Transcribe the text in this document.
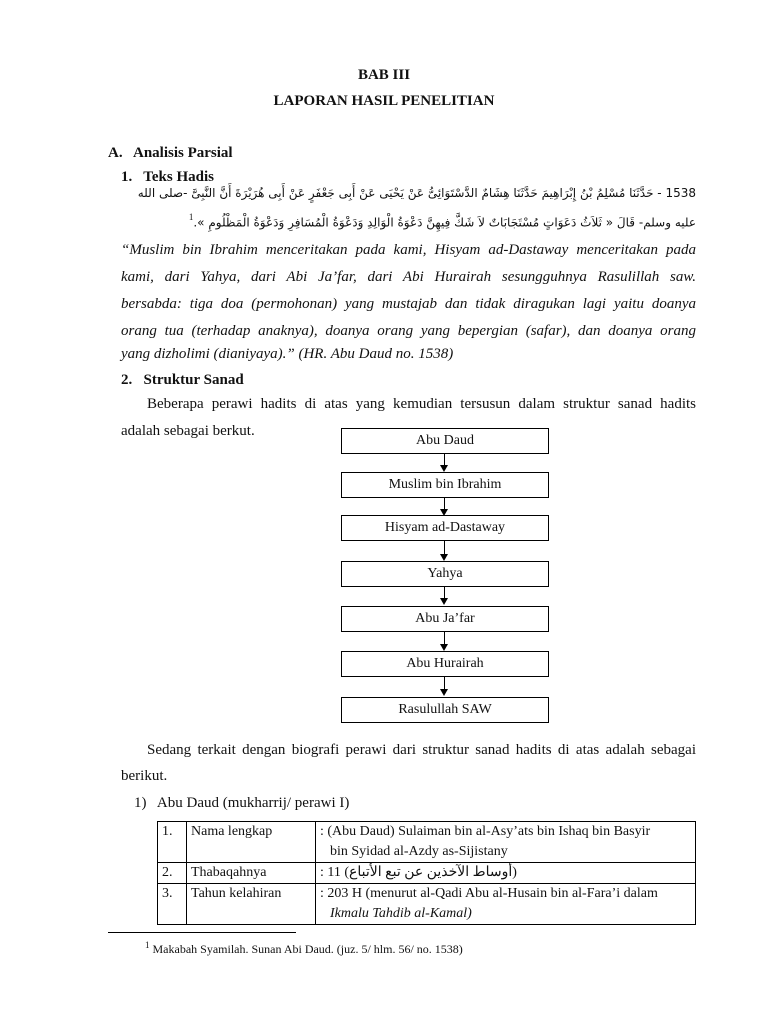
BAB III
LAPORAN HASIL PENELITIAN
A.   Analisis Parsial
1.   Teks Hadis
1538 - حَدَّثَنَا مُسْلِمُ بْنُ إِبْرَاهِيمَ حَدَّثَنَا هِشَامٌ الدَّسْتَوَائِىُّ عَنْ يَحْيَى عَنْ أَبِى جَعْفَرٍ عَنْ أَبِى هُرَيْرَةَ أَنَّ النَّبِىَّ -صلى الله
عليه وسلم- قَالَ « ثَلاَثُ دَعَوَاتٍ مُسْتَجَابَاتٌ لاَ شَكَّ فِيهِنَّ دَعْوَةُ الْوَالِدِ وَدَعْوَةُ الْمُسَافِرِ وَدَعْوَةُ الْمَظْلُومِ ».$^1$
“Muslim bin Ibrahim menceritakan pada kami, Hisyam ad-Dastaway menceritakan pada
kami, dari Yahya, dari Abi Ja’far, dari Abi Hurairah sesungguhnya Rasulillah saw.
bersabda: tiga doa (permohonan) yang mustajab dan tidak diragukan lagi yaitu doanya
orang tua (terhadap anaknya), doanya orang yang bepergian (safar), dan doanya orang
yang dizholimi (dianiyaya).” (HR. Abu Daud no. 1538)
2.   Struktur Sanad
Beberapa perawi hadits di atas yang kemudian tersusun dalam struktur sanad hadits
adalah sebagai berkut.
Abu Daud
Muslim bin Ibrahim
Hisyam ad-Dastaway
Yahya
Abu Ja’far
Abu Hurairah
Rasulullah SAW
Sedang terkait dengan biografi perawi dari struktur sanad hadits di atas adalah sebagai
berikut.
1)   Abu Daud (mukharrij/ perawi I)
1.	Nama lengkap	: (Abu Daud) Sulaiman bin al-Asy’ats bin Ishaq bin Basyir
bin Syidad al-Azdy as-Sijistany

2.	Thabaqahnya	: 11 (أوساط الآخذين عن تبع الأتباع)

3.	Tahun kelahiran	: 203 H (menurut al-Qadi Abu al-Husain bin al-Fara’i dalam
Ikmalu Tahdib al-Kamal)
$^1$ Makabah Syamilah. Sunan Abi Daud. (juz. 5/ hlm. 56/ no. 1538)
